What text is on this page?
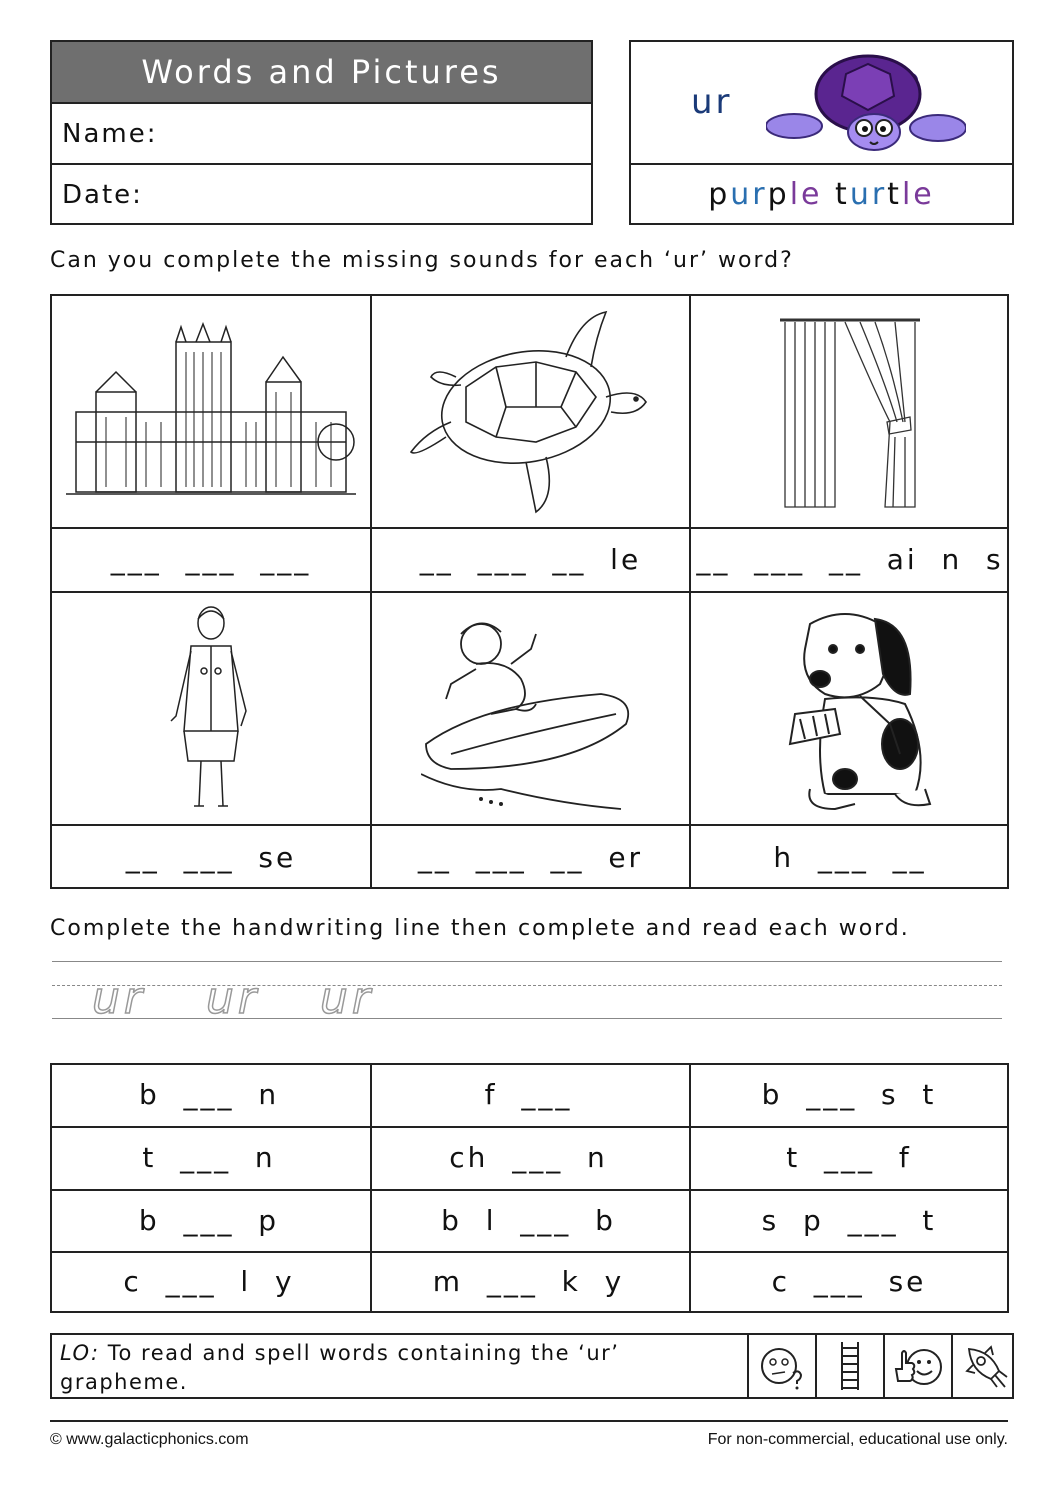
Words and Pictures
Name:
Date:
ur
purple turtle
Can you complete the missing sounds for each ‘ur’ word?
___  ___  ___	__  ___  __  le	__  ___  __  ai  n  s
__  ___  se	__  ___  __  er	h  ___  __
Complete the handwriting line then complete and read each word.
ur ur ur
b  ___  n	f  ___	b  ___  s  t
t  ___  n	ch  ___  n	t  ___  f
b  ___  p	b  l  ___  b	s  p  ___  t
c  ___  l  y	m  ___  k  y	c  ___  se
LO: To read and spell words containing the ‘ur’ grapheme.
© www.galacticphonics.com	For non-commercial, educational use only.
